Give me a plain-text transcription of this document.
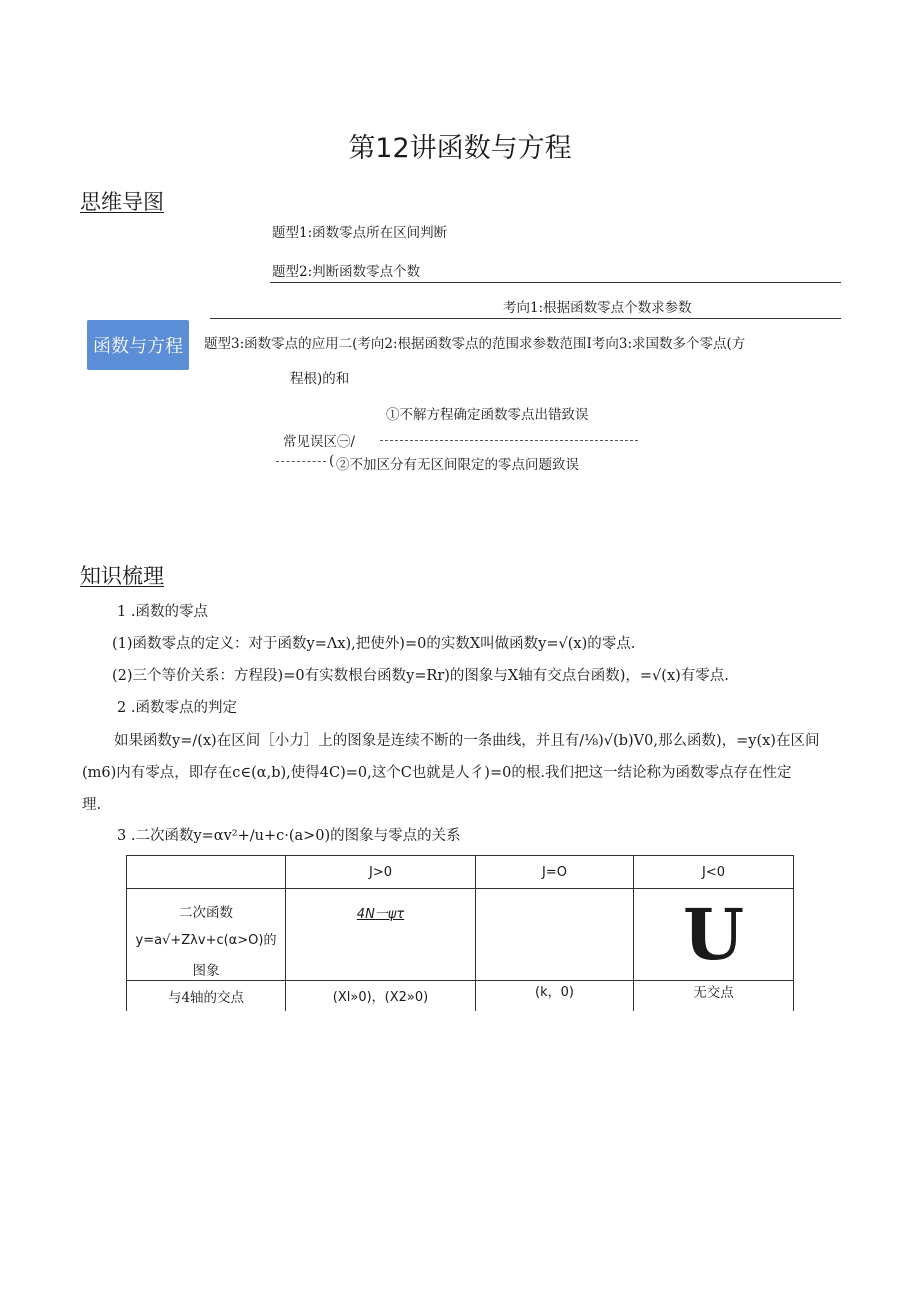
第12讲函数与方程
思维导图
题型1:函数零点所在区间判断
题型2:判断函数零点个数
考向1:根据函数零点个数求参数
函数与方程	题型3:函数零点的应用二(考向2:根据函数零点的范围求参数范围I考向3:求国数多个零点(方
程根)的和
①不解方程确定函数零点出错致误
常见误区㊀/
( ②不加区分有无区间限定的零点问题致误
知识梳理
1 .函数的零点
(1)函数零点的定义：对于函数y=Λx),把使外)=0的实数X叫做函数y=√(x)的零点.
(2)三个等价关系：方程段)=0有实数根台函数y=Rr)的图象与X轴有交点台函数)，=√(x)有零点.
2 .函数零点的判定
如果函数y=∕(x)在区间［小力］上的图象是连续不断的一条曲线，并且有∕⅛)√(b)V0,那么函数)，=y(x)在区间
(m6)内有零点，即存在c∈(α,b),使得4C)=0,这个C也就是人彳)=0的根.我们把这一结论称为函数零点存在性定
理.
3 .二次函数y=αv²+∕u+c·(a>0)的图象与零点的关系
	J>0	J=O	J<0

二次函数
y=a√+Zλv+c(α>O)的
图象	4N一ψτ		U
与4轴的交点	(Xl»0)，(X2»0)	(k，0)	无交点
